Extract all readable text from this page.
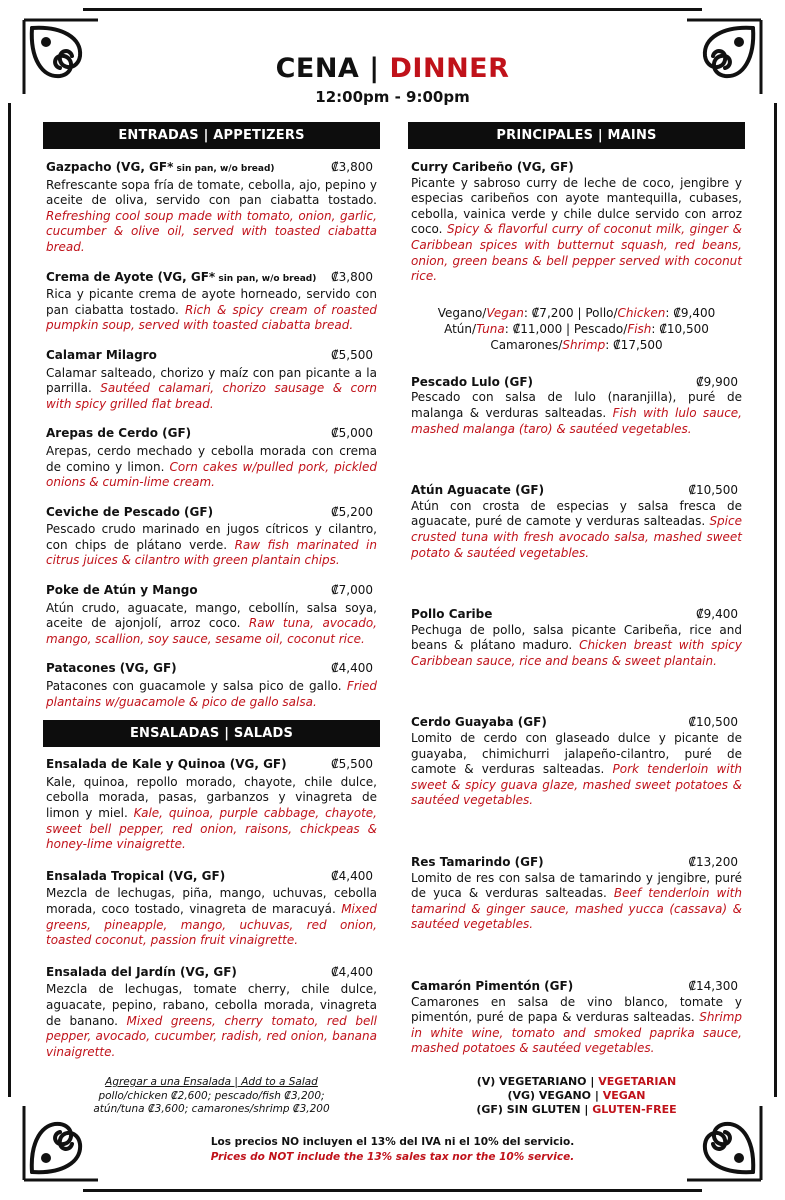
CENA | DINNER
12:00pm - 9:00pm
ENTRADAS | APPETIZERS
Gazpacho (VG, GF* sin pan, w/o bread)	₡3,800
Refrescante sopa fría de tomate, cebolla, ajo, pepino y aceite de oliva, servido con pan ciabatta tostado. Refreshing cool soup made with tomato, onion, garlic, cucumber & olive oil, served with toasted ciabatta bread.
Crema de Ayote (VG, GF* sin pan, w/o bread) ₡3,800
Rica y picante crema de ayote horneado, servido con pan ciabatta tostado. Rich & spicy cream of roasted pumpkin soup, served with toasted ciabatta bread.
Calamar Milagro	₡5,500
Calamar salteado, chorizo y maíz con pan picante a la parrilla. Sautéed calamari, chorizo sausage & corn with spicy grilled flat bread.
Arepas de Cerdo (GF)	₡5,000
Arepas, cerdo mechado y cebolla morada con crema de comino y limon. Corn cakes w/pulled pork, pickled onions & cumin-lime cream.
Ceviche de Pescado (GF)	₡5,200
Pescado crudo marinado en jugos cítricos y cilantro, con chips de plátano verde. Raw fish marinated in citrus juices & cilantro with green plantain chips.
Poke de Atún y Mango	₡7,000
Atún crudo, aguacate, mango, cebollín, salsa soya, aceite de ajonjolí, arroz coco. Raw tuna, avocado, mango, scallion, soy sauce, sesame oil, coconut rice.
Patacones (VG, GF)	₡4,400
Patacones con guacamole y salsa pico de gallo. Fried plantains w/guacamole & pico de gallo salsa.
ENSALADAS | SALADS
Ensalada de Kale y Quinoa (VG, GF)	₡5,500
Kale, quinoa, repollo morado, chayote, chile dulce, cebolla morada, pasas, garbanzos y vinagreta de limon y miel. Kale, quinoa, purple cabbage, chayote, sweet bell pepper, red onion, raisons, chickpeas & honey-lime vinaigrette.
Ensalada Tropical (VG, GF)	₡4,400
Mezcla de lechugas, piña, mango, uchuvas, cebolla morada, coco tostado, vinagreta de maracuyá. Mixed greens, pineapple, mango, uchuvas, red onion, toasted coconut, passion fruit vinaigrette.
Ensalada del Jardín (VG, GF)	₡4,400
Mezcla de lechugas, tomate cherry, chile dulce, aguacate, pepino, rabano, cebolla morada, vinagreta de banano. Mixed greens, cherry tomato, red bell pepper, avocado, cucumber, radish, red onion, banana vinaigrette.
PRINCIPALES | MAINS
Curry Caribeño (VG, GF)
Picante y sabroso curry de leche de coco, jengibre y especias caribeños con ayote mantequilla, cubases, cebolla, vainica verde y chile dulce servido con arroz coco. Spicy & flavorful curry of coconut milk, ginger & Caribbean spices with butternut squash, red beans, onion, green beans & bell pepper served with coconut rice.
Vegano/Vegan: ₡7,200 | Pollo/Chicken: ₡9,400
Atún/Tuna: ₡11,000 | Pescado/Fish: ₡10,500
Camarones/Shrimp: ₡17,500
Pescado Lulo (GF)	₡9,900
Pescado con salsa de lulo (naranjilla), puré de malanga & verduras salteadas. Fish with lulo sauce, mashed malanga (taro) & sautéed vegetables.
Atún Aguacate (GF)	₡10,500
Atún con crosta de especias y salsa fresca de aguacate, puré de camote y verduras salteadas. Spice crusted tuna with fresh avocado salsa, mashed sweet potato & sautéed vegetables.
Pollo Caribe	₡9,400
Pechuga de pollo, salsa picante Caribeña, rice and beans & plátano maduro. Chicken breast with spicy Caribbean sauce, rice and beans & sweet plantain.
Cerdo Guayaba (GF)	₡10,500
Lomito de cerdo con glaseado dulce y picante de guayaba, chimichurri jalapeño-cilantro, puré de camote & verduras salteadas. Pork tenderloin with sweet & spicy guava glaze, mashed sweet potatoes & sautéed vegetables.
Res Tamarindo (GF)	₡13,200
Lomito de res con salsa de tamarindo y jengibre, puré de yuca & verduras salteadas. Beef tenderloin with tamarind & ginger sauce, mashed yucca (cassava) & sautéed vegetables.
Camarón Pimentón (GF)	₡14,300
Camarones en salsa de vino blanco, tomate y pimentón, puré de papa & verduras salteadas. Shrimp in white wine, tomato and smoked paprika sauce, mashed potatoes & sautéed vegetables.
Agregar a una Ensalada | Add to a Salad
pollo/chicken ₡2,600; pescado/fish ₡3,200;
atún/tuna ₡3,600; camarones/shrimp ₡3,200
(V) VEGETARIANO | VEGETARIAN
(VG) VEGANO | VEGAN
(GF) SIN GLUTEN | GLUTEN-FREE
Los precios NO incluyen el 13% del IVA ni el 10% del servicio.
Prices do NOT include the 13% sales tax nor the 10% service.
